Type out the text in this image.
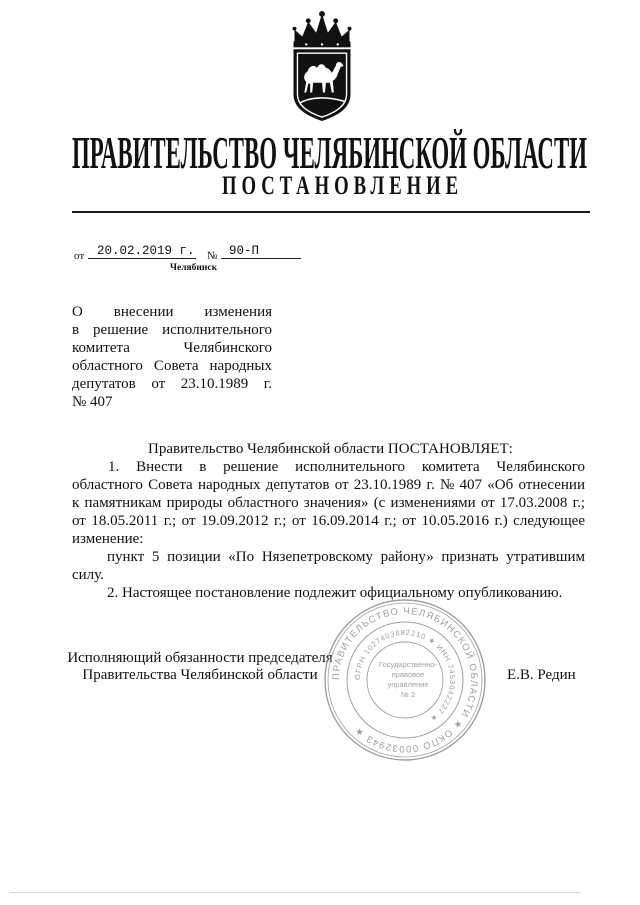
ПРАВИТЕЛЬСТВО ЧЕЛЯБИНСКОЙ ОБЛАСТИ
ПОСТАНОВЛЕНИЕ
от	20.02.2019 г. № 90-П
Челябинск
О внесении изменения
в решение исполнительного
комитета Челябинского
областного Совета народных
депутатов от 23.10.1989 г.
№ 407
Правительство Челябинской области ПОСТАНОВЛЯЕТ:
1. Внести в решение исполнительного комитета Челябинского
областного Совета народных депутатов от 23.10.1989 г. № 407 «Об отнесении
к памятникам природы областного значения» (с изменениями от 17.03.2008 г.;
от 18.05.2011 г.; от 19.09.2012 г.; от 16.09.2014 г.; от 10.05.2016 г.) следующее
изменение:
пункт 5 позиции «По Нязепетровскому району» признать утратившим
силу.
2. Настоящее постановление подлежит официальному опубликованию.
Исполняющий обязанности председателя
Правительства Челябинской области	Е.В. Редин
ПРАВИТЕЛЬСТВО ЧЕЛЯБИНСКОЙ ОБЛАСТИ ★ ОКПО 00032943 ★
ОГРН 1027403882210 ★ ИНН 7453042227 ★
Государственно-
правовое
управление
№ 2
